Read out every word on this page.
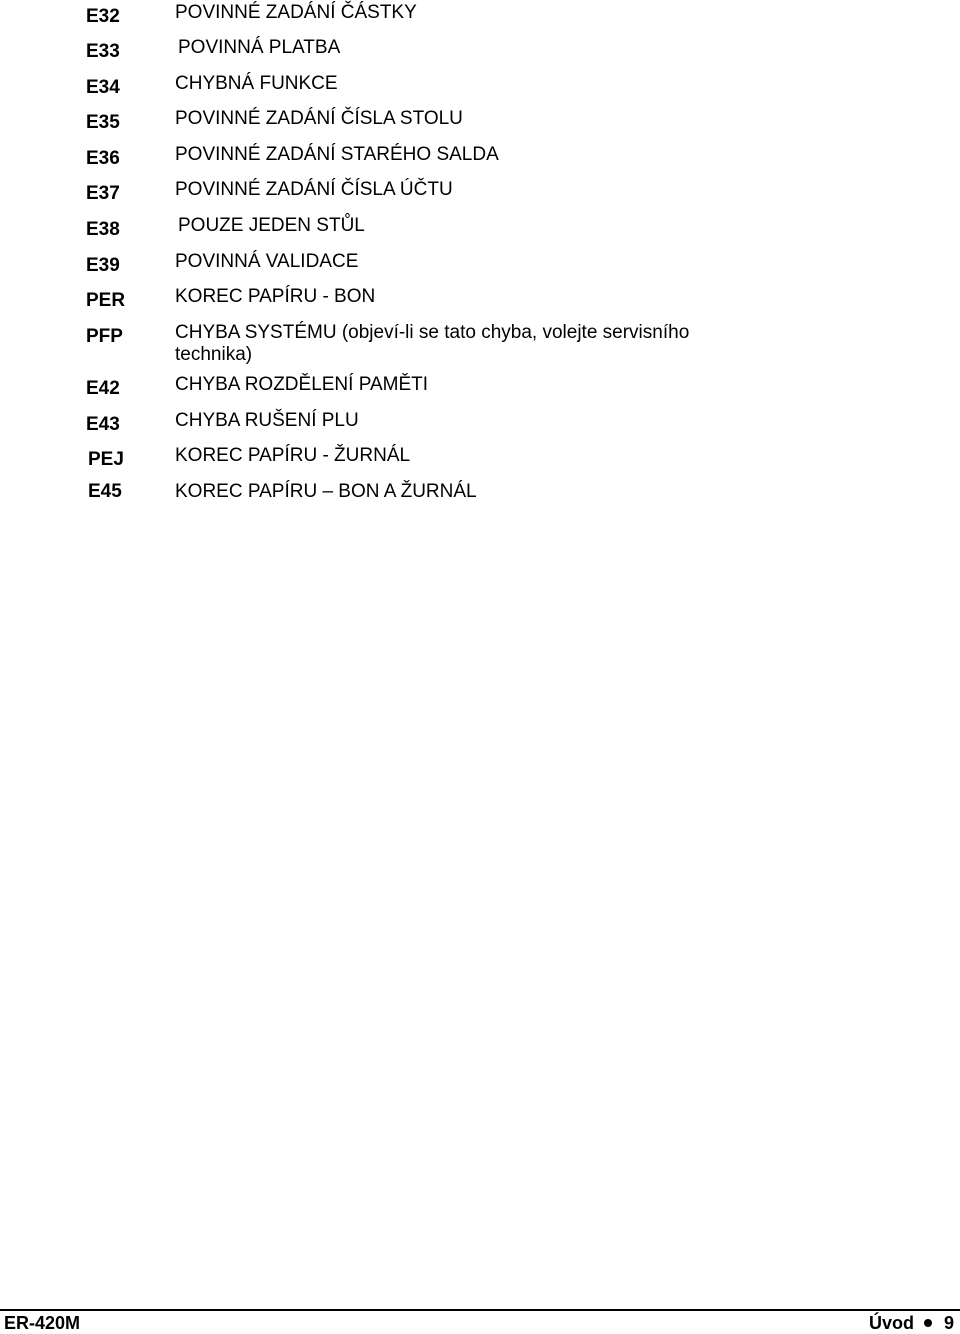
E32	POVINNÉ ZADÁNÍ ČÁSTKY
E33	POVINNÁ PLATBA
E34	CHYBNÁ FUNKCE
E35	POVINNÉ ZADÁNÍ ČÍSLA STOLU
E36	POVINNÉ ZADÁNÍ STARÉHO SALDA
E37	POVINNÉ ZADÁNÍ ČÍSLA ÚČTU
E38	POUZE JEDEN STŮL
E39	POVINNÁ VALIDACE
PER	KOREC PAPÍRU - BON
PFP	CHYBA SYSTÉMU (objeví-li se tato chyba, volejte servisního technika)
E42	CHYBA ROZDĚLENÍ PAMĚTI
E43	CHYBA RUŠENÍ PLU
PEJ	KOREC PAPÍRU - ŽURNÁL
E45	KOREC PAPÍRU – BON A ŽURNÁL
ER-420M	Úvod 9
